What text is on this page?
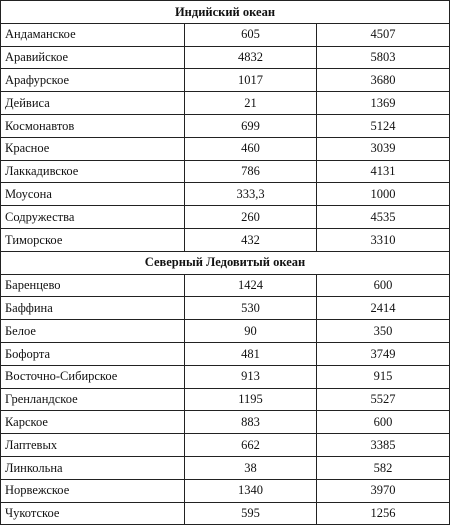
Индийский океан		
Андаманское	605	4507
Аравийское	4832	5803
Арафурское	1017	3680
Дейвиса	21	1369
Космонавтов	699	5124
Красное	460	3039
Лаккадивское	786	4131
Моусона	333,3	1000
Содружества	260	4535
Тиморское	432	3310
Северный Ледовитый океан		
Баренцево	1424	600
Баффина	530	2414
Белое	90	350
Бофорта	481	3749
Восточно-Сибирское	913	915
Гренландское	1195	5527
Карское	883	600
Лаптевых	662	3385
Линкольна	38	582
Норвежское	1340	3970
Чукотское	595	1256
